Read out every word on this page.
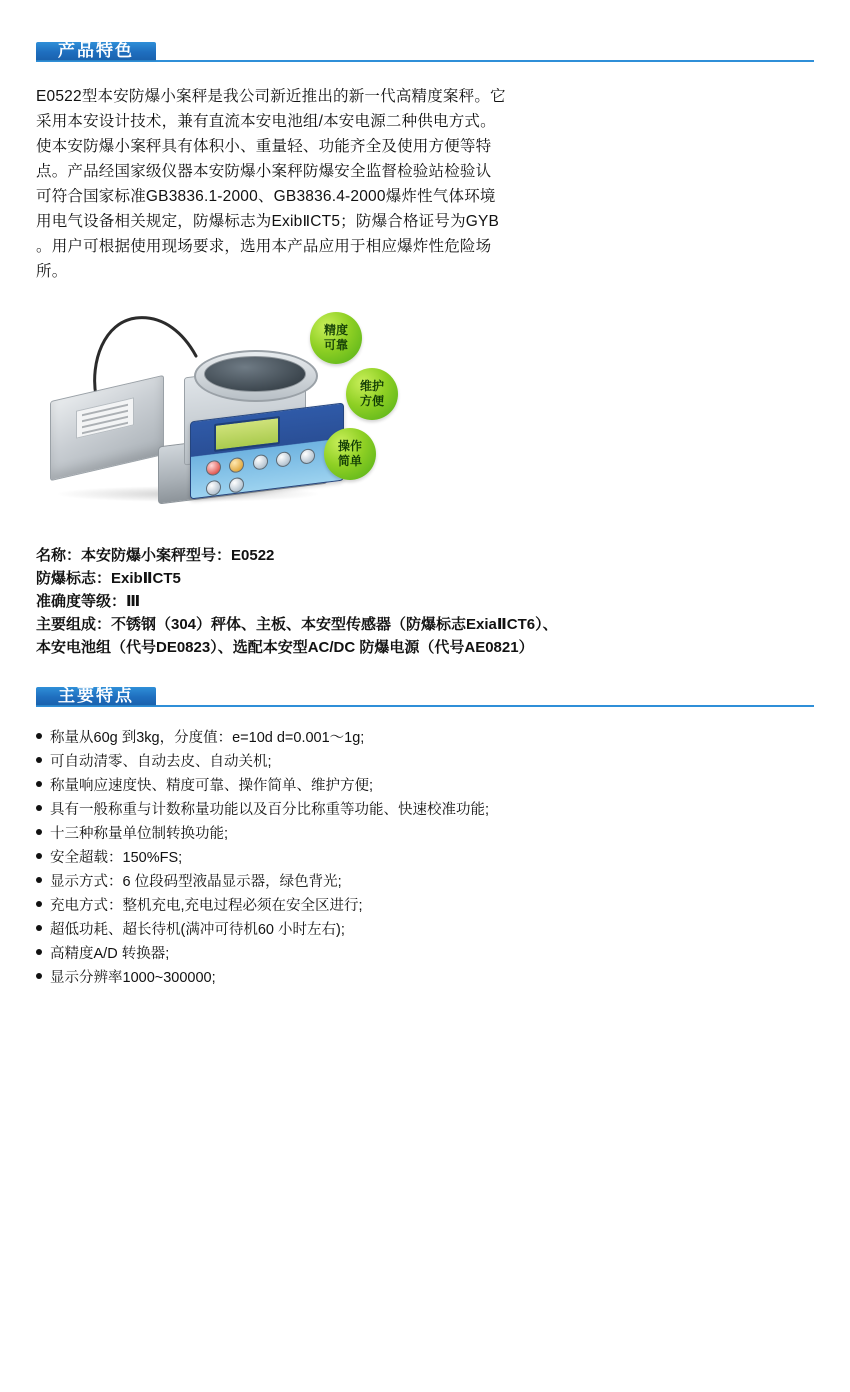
产品特色

E0522型本安防爆小案秤是我公司新近推出的新一代高精度案秤。它采用本安设计技术，兼有直流本安电池组/本安电源二种供电方式。使本安防爆小案秤具有体积小、重量轻、功能齐全及使用方便等特点。产品经国家级仪器本安防爆小案秤防爆安全监督检验站检验认可符合国家标准GB3836.1-2000、GB3836.4-2000爆炸性气体环境用电气设备相关规定，防爆标志为ExibⅡCT5；防爆合格证号为GYB 。用户可根据使用现场要求，选用本产品应用于相应爆炸性危险场所。

精度
可靠
维护
方便
操作
简单
名称：本安防爆小案秤型号：E0522
防爆标志：ExibⅡCT5
准确度等级：Ⅲ
主要组成：不锈钢（304）秤体、主板、本安型传感器（防爆标志ExiaⅡCT6）、
本安电池组（代号DE0823）、选配本安型AC/DC 防爆电源（代号AE0821）
主要特点
称量从60g 到3kg，分度值：e=10d d=0.001～1g;
可自动清零、自动去皮、自动关机;
称量响应速度快、精度可靠、操作简单、维护方便;
具有一般称重与计数称量功能以及百分比称重等功能、快速校准功能;
十三种称量单位制转换功能;
安全超载：150%FS;
显示方式：6 位段码型液晶显示器，绿色背光;
充电方式：整机充电,充电过程必须在安全区进行;
超低功耗、超长待机(满冲可待机60 小时左右);
高精度A/D 转换器;
显示分辨率1000~300000;
